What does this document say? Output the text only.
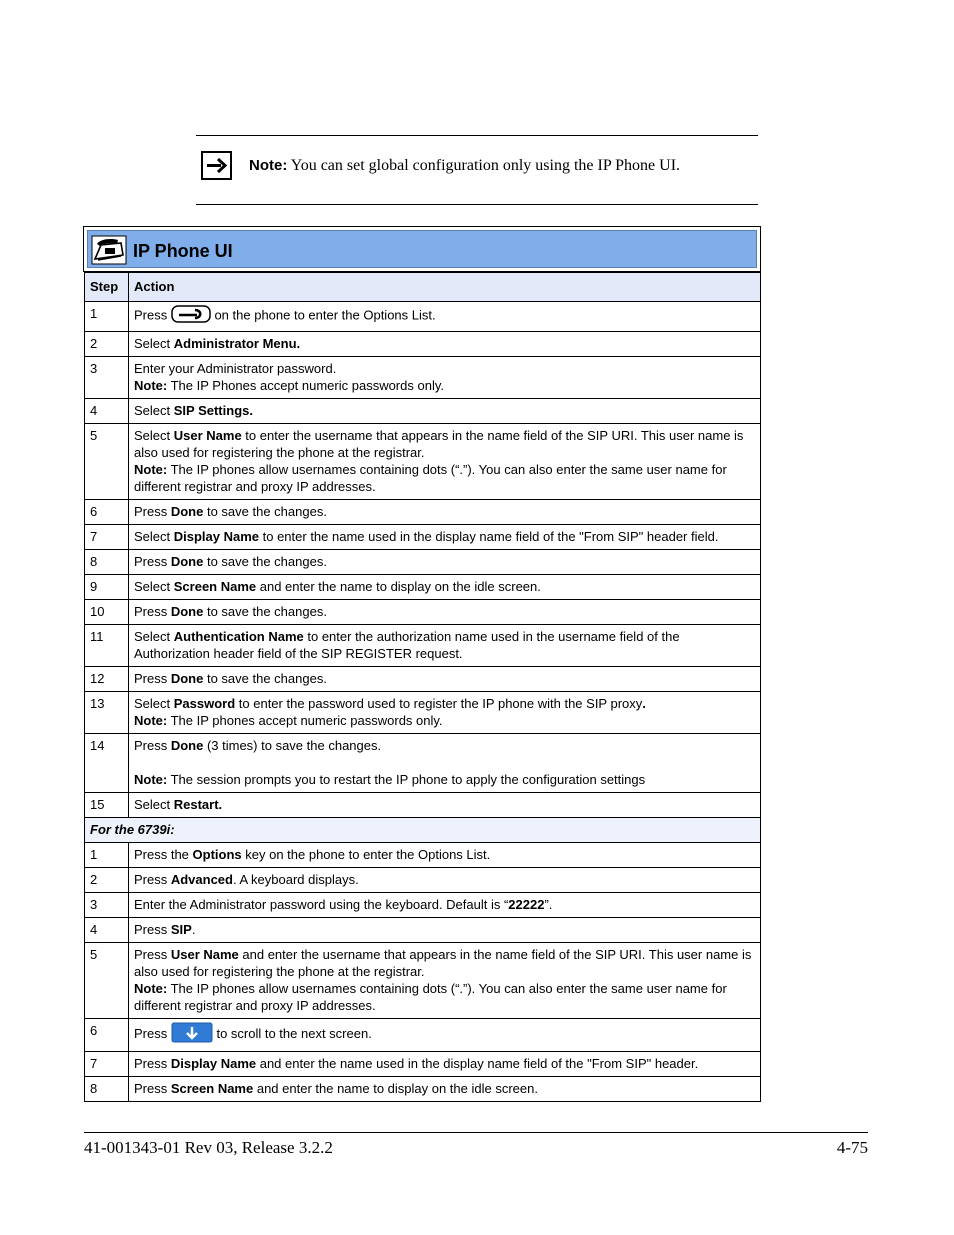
Note: You can set global configuration only using the IP Phone UI.
IP Phone UI
Step	Action
1	Press on the phone to enter the Options List.
2	Select Administrator Menu.
3	Enter your Administrator password.
Note: The IP Phones accept numeric passwords only.
4	Select SIP Settings.
5	Select User Name to enter the username that appears in the name field of the SIP URI. This user name is also used for registering the phone at the registrar.
Note: The IP phones allow usernames containing dots (“.”). You can also enter the same user name for different registrar and proxy IP addresses.
6	Press Done to save the changes.
7	Select Display Name to enter the name used in the display name field of the "From SIP" header field.
8	Press Done to save the changes.
9	Select Screen Name and enter the name to display on the idle screen.
10	Press Done to save the changes.
11	Select Authentication Name to enter the authorization name used in the username field of the Authorization header field of the SIP REGISTER request.
12	Press Done to save the changes.
13	Select Password to enter the password used to register the IP phone with the SIP proxy.
Note: The IP phones accept numeric passwords only.
14	Press Done (3 times) to save the changes.
Note: The session prompts you to restart the IP phone to apply the configuration settings
15	Select Restart.
For the 6739i:	
1	Press the Options key on the phone to enter the Options List.
2	Press Advanced. A keyboard displays.
3	Enter the Administrator password using the keyboard. Default is “22222”.
4	Press SIP.
5	Press User Name and enter the username that appears in the name field of the SIP URI. This user name is also used for registering the phone at the registrar.
Note: The IP phones allow usernames containing dots (“.”). You can also enter the same user name for different registrar and proxy IP addresses.
6	Press to scroll to the next screen.
7	Press Display Name and enter the name used in the display name field of the "From SIP" header.
8	Press Screen Name and enter the name to display on the idle screen.
41-001343-01 Rev 03, Release 3.2.2	4-75
